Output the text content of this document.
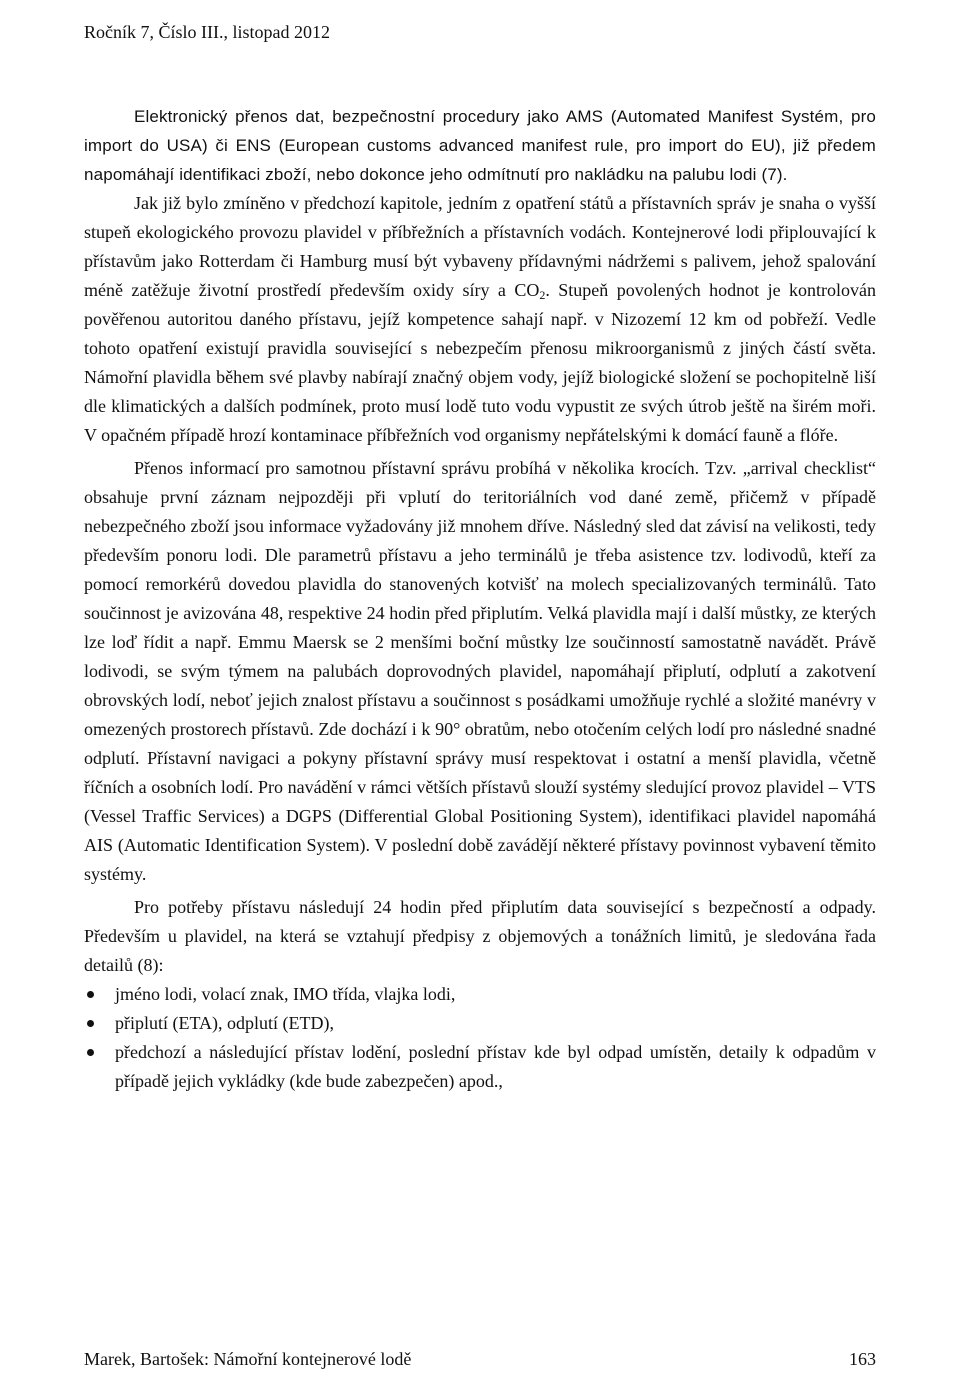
Ročník 7, Číslo III., listopad 2012

Elektronický přenos dat, bezpečnostní procedury jako AMS (Automated Manifest Systém, pro import do USA) či ENS (European customs advanced manifest rule, pro import do EU), již předem napomáhají identifikaci zboží, nebo dokonce jeho odmítnutí pro nakládku na palubu lodi (7).

Jak již bylo zmíněno v předchozí kapitole, jedním z opatření států a přístavních správ je snaha o vyšší stupeň ekologického provozu plavidel v příbřežních a přístavních vodách. Kontejnerové lodi připlouvající k přístavům jako Rotterdam či Hamburg musí být vybaveny přídavnými nádržemi s palivem, jehož spalování méně zatěžuje životní prostředí především oxidy síry a $CO_2$. Stupeň povolených hodnot je kontrolován pověřenou autoritou daného přístavu, jejíž kompetence sahají např. v Nizozemí 12 km od pobřeží. Vedle tohoto opatření existují pravidla související s nebezpečím přenosu mikroorganismů z jiných částí světa. Námořní plavidla během své plavby nabírají značný objem vody, jejíž biologické složení se pochopitelně liší dle klimatických a dalších podmínek, proto musí lodě tuto vodu vypustit ze svých útrob ještě na širém moři. V opačném případě hrozí kontaminace příbřežních vod organismy nepřátelskými k domácí fauně a flóře.

Přenos informací pro samotnou přístavní správu probíhá v několika krocích. Tzv. „arrival checklist“ obsahuje první záznam nejpozději při vplutí do teritoriálních vod dané země, přičemž v případě nebezpečného zboží jsou informace vyžadovány již mnohem dříve. Následný sled dat závisí na velikosti, tedy především ponoru lodi. Dle parametrů přístavu a jeho terminálů je třeba asistence tzv. lodivodů, kteří za pomocí remorkérů dovedou plavidla do stanovených kotvišť na molech specializovaných terminálů. Tato součinnost je avizována 48, respektive 24 hodin před připlutím. Velká plavidla mají i další můstky, ze kterých lze loď řídit a např. Emmu Maersk se 2 menšími boční můstky lze součinností samostatně navádět. Právě lodivodi, se svým týmem na palubách doprovodných plavidel, napomáhají připlutí, odplutí a zakotvení obrovských lodí, neboť jejich znalost přístavu a součinnost s posádkami umožňuje rychlé a složité manévry v omezených prostorech přístavů. Zde dochází i k 90° obratům, nebo otočením celých lodí pro následné snadné odplutí. Přístavní navigaci a pokyny přístavní správy musí respektovat i ostatní a menší plavidla, včetně říčních a osobních lodí. Pro navádění v rámci větších přístavů slouží systémy sledující provoz plavidel – VTS (Vessel Traffic Services) a DGPS (Differential Global Positioning System), identifikaci plavidel napomáhá AIS (Automatic Identification System). V poslední době zavádějí některé přístavy povinnost vybavení těmito systémy.

Pro potřeby přístavu následují 24 hodin před připlutím data související s bezpečností a odpady. Především u plavidel, na která se vztahují předpisy z objemových a tonážních limitů, je sledována řada detailů (8):

jméno lodi, volací znak, IMO třída, vlajka lodi,
připlutí (ETA), odplutí (ETD),
předchozí a následující přístav lodění, poslední přístav kde byl odpad umístěn, detaily k odpadům v případě jejich vykládky (kde bude zabezpečen) apod.,
Marek, Bartošek: Námořní kontejnerové lodě	163
